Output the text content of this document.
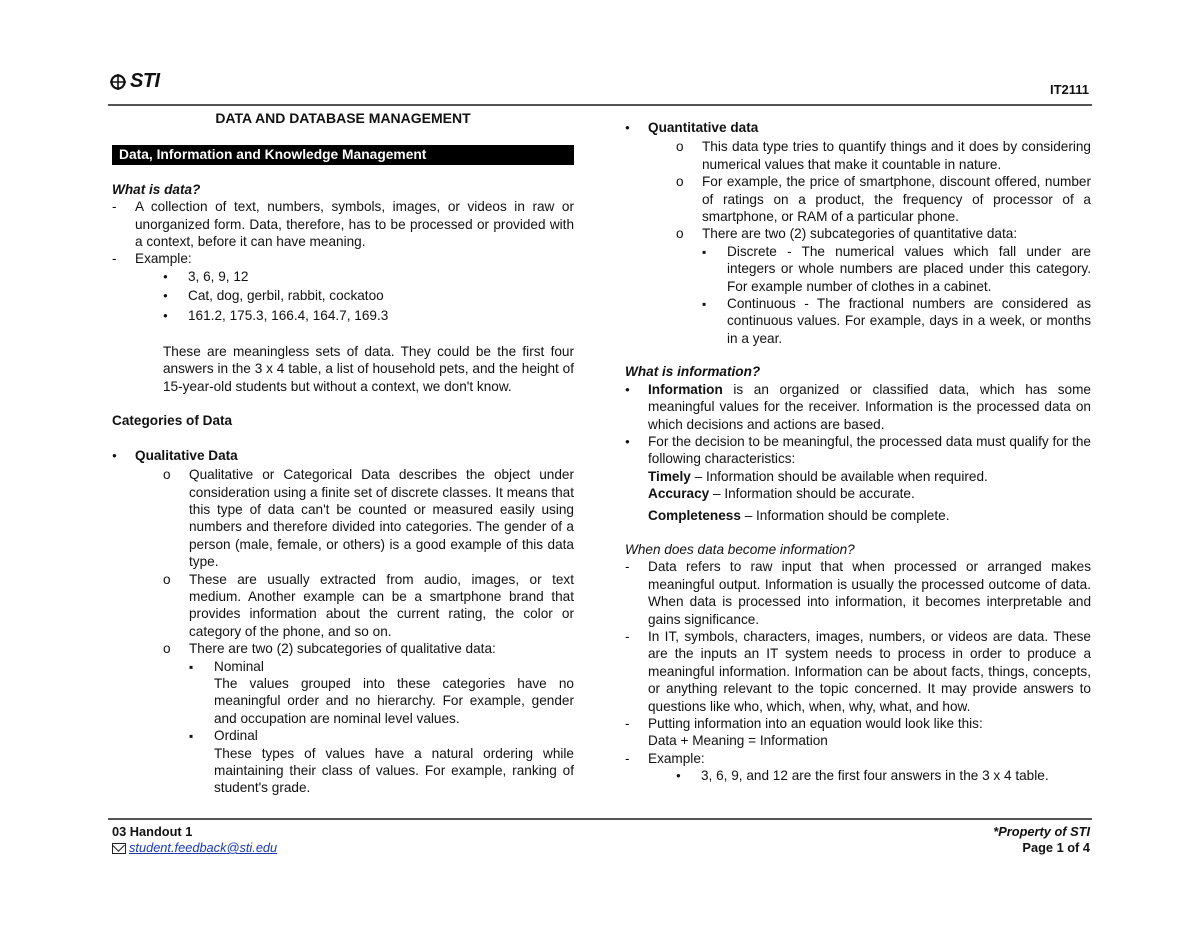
STI	IT2111
DATA AND DATABASE MANAGEMENT
Data, Information and Knowledge Management
What is data?
-	A collection of text, numbers, symbols, images, or videos in raw or unorganized form. Data, therefore, has to be processed or provided with a context, before it can have meaning.
-	Example:
●
3, 6, 9, 12
●
Cat, dog, gerbil, rabbit, cockatoo
●
161.2, 175.3, 166.4, 164.7, 169.3
These are meaningless sets of data. They could be the first four answers in the 3 x 4 table, a list of household pets, and the height of 15-year-old students but without a context, we don't know.
Categories of Data
●
Qualitative Data
o	Qualitative or Categorical Data describes the object under consideration using a finite set of discrete classes. It means that this type of data can't be counted or measured easily using numbers and therefore divided into categories. The gender of a person (male, female, or others) is a good example of this data type.
o	These are usually extracted from audio, images, or text medium. Another example can be a smartphone brand that provides information about the current rating, the color or category of the phone, and so on.
o	There are two (2) subcategories of qualitative data:
▪
Nominal
The values grouped into these categories have no meaningful order and no hierarchy. For example, gender and occupation are nominal level values.
▪
Ordinal
These types of values have a natural ordering while maintaining their class of values. For example, ranking of student's grade.
●
Quantitative data
o	This data type tries to quantify things and it does by considering numerical values that make it countable in nature.
o	For example, the price of smartphone, discount offered, number of ratings on a product, the frequency of processor of a smartphone, or RAM of a particular phone.
o	There are two (2) subcategories of quantitative data:
▪
Discrete - The numerical values which fall under are integers or whole numbers are placed under this category. For example number of clothes in a cabinet.
▪
Continuous - The fractional numbers are considered as continuous values. For example, days in a week, or months in a year.
What is information?
●
Information is an organized or classified data, which has some meaningful values for the receiver. Information is the processed data on which decisions and actions are based.
●
For the decision to be meaningful, the processed data must qualify for the following characteristics:
Timely – Information should be available when required.
Accuracy – Information should be accurate.
Completeness – Information should be complete.
When does data become information?
-	Data refers to raw input that when processed or arranged makes meaningful output. Information is usually the processed outcome of data. When data is processed into information, it becomes interpretable and gains significance.
-	In IT, symbols, characters, images, numbers, or videos are data. These are the inputs an IT system needs to process in order to produce a meaningful information. Information can be about facts, things, concepts, or anything relevant to the topic concerned. It may provide answers to questions like who, which, when, why, what, and how.
-	Putting information into an equation would look like this:
Data + Meaning = Information
-	Example:
●
3, 6, 9, and 12 are the first four answers in the 3 x 4 table.
03 Handout 1
student.feedback@sti.edu
*Property of STI
Page 1 of 4
